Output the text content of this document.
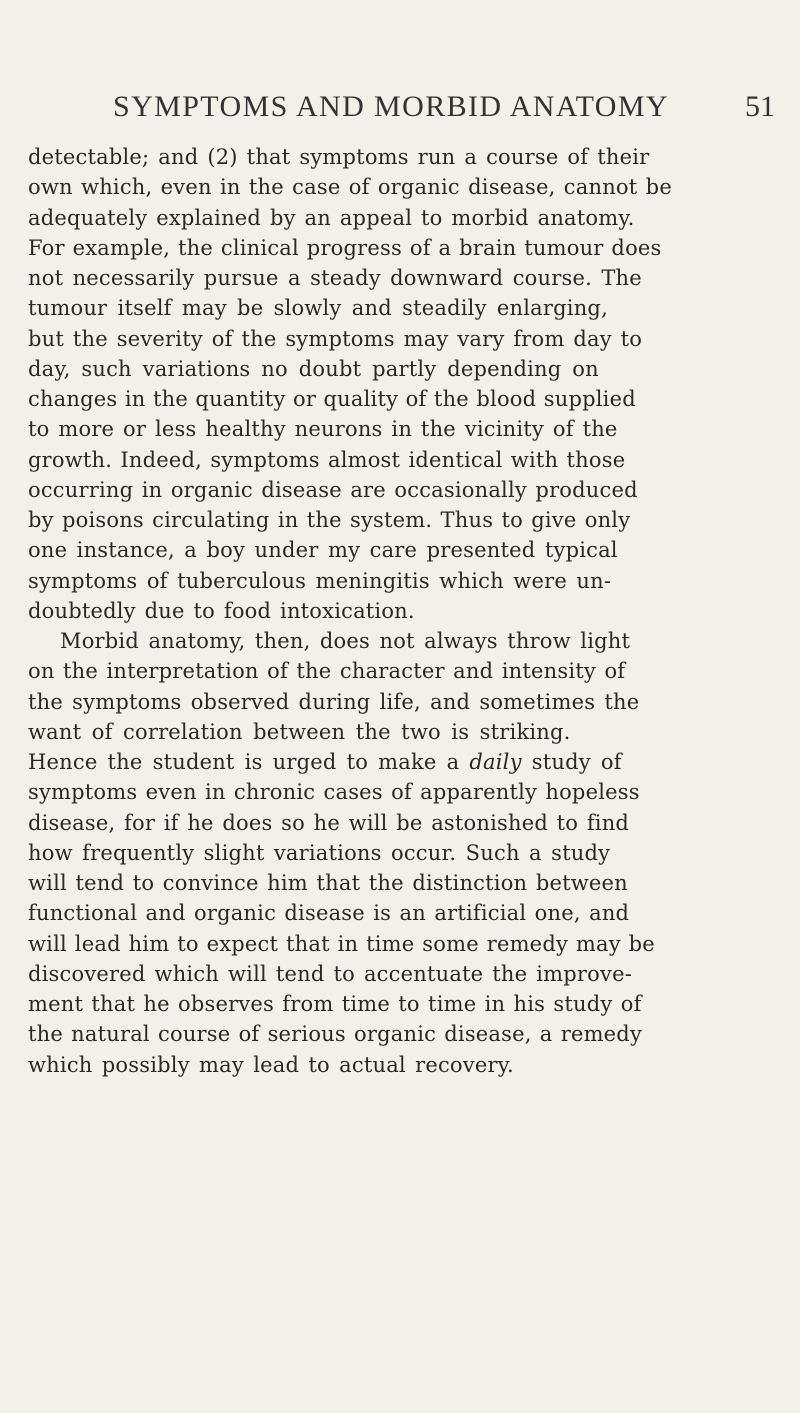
SYMPTOMS AND MORBID ANATOMY	51
detectable; and (2) that symptoms run a course of their
own which, even in the case of organic disease, cannot be
adequately explained by an appeal to morbid anatomy.
For example, the clinical progress of a brain tumour does
not necessarily pursue a steady downward course. The
tumour itself may be slowly and steadily enlarging,
but the severity of the symptoms may vary from day to
day, such variations no doubt partly depending on
changes in the quantity or quality of the blood supplied
to more or less healthy neurons in the vicinity of the
growth. Indeed, symptoms almost identical with those
occurring in organic disease are occasionally produced
by poisons circulating in the system. Thus to give only
one instance, a boy under my care presented typical
symptoms of tuberculous meningitis which were un-
doubtedly due to food intoxication.
Morbid anatomy, then, does not always throw light
on the interpretation of the character and intensity of
the symptoms observed during life, and sometimes the
want of correlation between the two is striking.
Hence the student is urged to make a daily study of
symptoms even in chronic cases of apparently hopeless
disease, for if he does so he will be astonished to find
how frequently slight variations occur. Such a study
will tend to convince him that the distinction between
functional and organic disease is an artificial one, and
will lead him to expect that in time some remedy may be
discovered which will tend to accentuate the improve-
ment that he observes from time to time in his study of
the natural course of serious organic disease, a remedy
which possibly may lead to actual recovery.
